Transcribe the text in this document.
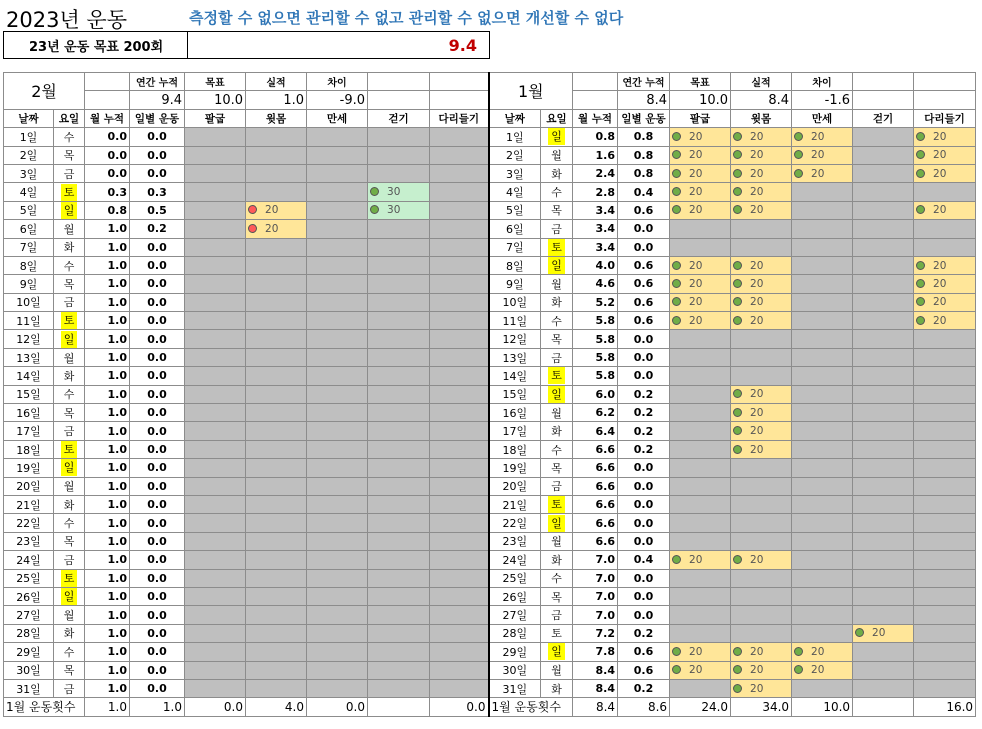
2023년 운동	측정할 수 없으면 관리할 수 없고 관리할 수 없으면 개선할 수 없다
23년 운동 목표 200회	9.4
2월			연간 누적	목표	실적	차이			1월			연간 누적	목표	실적	차이		
			9.4	10.0	1.0	-9.0						8.4	10.0	8.4	-1.6		
날짜	요일	월 누적	일별 운동	팔굽	윗몸	만세	걷기	다리들기	날짜	요일	월 누적	일별 운동	팔굽	윗몸	만세	걷기	다리들기
1일	수	0.0	0.0						1일	일	0.8	0.8	20	20	20		20
2일	목	0.0	0.0						2일	월	1.6	0.8	20	20	20		20
3일	금	0.0	0.0						3일	화	2.4	0.8	20	20	20		20
4일	토	0.3	0.3				30		4일	수	2.8	0.4	20	20			
5일	일	0.8	0.5		20		30		5일	목	3.4	0.6	20	20			20
6일	월	1.0	0.2		20				6일	금	3.4	0.0					
7일	화	1.0	0.0						7일	토	3.4	0.0					
8일	수	1.0	0.0						8일	일	4.0	0.6	20	20			20
9일	목	1.0	0.0						9일	월	4.6	0.6	20	20			20
10일	금	1.0	0.0						10일	화	5.2	0.6	20	20			20
11일	토	1.0	0.0						11일	수	5.8	0.6	20	20			20
12일	일	1.0	0.0						12일	목	5.8	0.0					
13일	월	1.0	0.0						13일	금	5.8	0.0					
14일	화	1.0	0.0						14일	토	5.8	0.0					
15일	수	1.0	0.0						15일	일	6.0	0.2		20			
16일	목	1.0	0.0						16일	월	6.2	0.2		20			
17일	금	1.0	0.0						17일	화	6.4	0.2		20			
18일	토	1.0	0.0						18일	수	6.6	0.2		20			
19일	일	1.0	0.0						19일	목	6.6	0.0					
20일	월	1.0	0.0						20일	금	6.6	0.0					
21일	화	1.0	0.0						21일	토	6.6	0.0					
22일	수	1.0	0.0						22일	일	6.6	0.0					
23일	목	1.0	0.0						23일	월	6.6	0.0					
24일	금	1.0	0.0						24일	화	7.0	0.4	20	20			
25일	토	1.0	0.0						25일	수	7.0	0.0					
26일	일	1.0	0.0						26일	목	7.0	0.0					
27일	월	1.0	0.0						27일	금	7.0	0.0					
28일	화	1.0	0.0						28일	토	7.2	0.2				20	
29일	수	1.0	0.0						29일	일	7.8	0.6	20	20	20		
30일	목	1.0	0.0						30일	월	8.4	0.6	20	20	20		
31일	금	1.0	0.0						31일	화	8.4	0.2		20			
1월 운동횟수		1.0	1.0	0.0	4.0	0.0		0.0	1월 운동횟수		8.4	8.6	24.0	34.0	10.0		16.0
